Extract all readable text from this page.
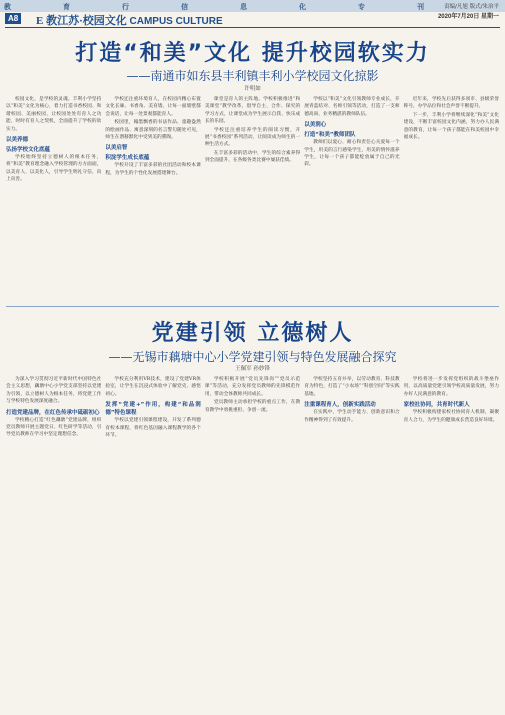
教	育	行	信	息	化	专	刊
A8 E 教江苏·校园文化 CAMPUS CULTURE
责编/凡旭 版式/朱治平
2020年7月20日 星期一
打造“和美”文化 提升校园软实力
——南通市如东县丰利镇丰利小学校园文化掠影
许明如

校园文化，是学校的灵魂。丰利小学坚持以“和美”文化为核心，着力打造书香校园、和谐校园、美丽校园，让校园处处有育人之功能、时时有育人之契机，全面提升了学校的软实力。

以美养德
弘扬学校文化底蕴

学校始终坚持立德树人的根本任务，将“和美”教育理念融入学校管理的方方面面，以美育人、以美化人，引导学生明礼守信、向上向善。

学校还注重环境育人，在校园内精心布置文化长廊、书香角、美育墙，让每一面墙壁都会说话，让每一处景观都能育人。

校园里，翰墨飘香的书法作品、童趣盎然的绘画作品、寓意深刻的名言警句随处可见，师生在潜移默化中受到美的熏陶。

以美启智
积淀学生成长底蕴

学校开设了丰富多彩的社团活动和校本课程，为学生的个性化发展搭建舞台。

课堂是育人的主阵地。学校积极推进“和美课堂”教学改革，倡导自主、合作、探究的学习方式，让课堂成为学生展示自我、快乐成长的乐园。

学校还注重培养学生的阅读习惯，开展“书香校园”系列活动，让阅读成为师生的一种生活方式。

在丰富多彩的活动中，学生的综合素养得到全面提升，在各级各类比赛中屡获佳绩。

学校以“和美”文化引领教师专业成长，开展青蓝结对、名师引领等活动，打造了一支师德高尚、业务精湛的教师队伍。

以美润心
打造“和美”教师团队

教师们以爱心、耐心和责任心关爱每一个学生，用美的言行感染学生，用美的情怀滋养学生，让每一个孩子都能绽放属于自己的光彩。

近年来，学校先后获得多项市、县级荣誉称号，办学品位和社会声誉不断提升。

下一步，丰利小学将继续深化“和美”文化建设，不断丰富校园文化内涵，努力办人民满意的教育，让每一个孩子都能在和美校园中幸福成长。

党建引领 立德树人
——无锡市藕塘中心小学党建引领与特色发展融合探究
王佩军 孙妙锋

为深入学习贯彻习近平新时代中国特色社会主义思想，藕塘中心小学党支部坚持以党建为引领，以立德树人为根本任务，将党建工作与学校特色发展深度融合。

打造党建品牌，在红色传承中砥砺初心

学校精心打造“红色藕塘”党建品牌，组织党员教师开展主题党日、红色研学等活动，引导党员教师在学习中坚定理想信念。

学校充分利用VR技术，建设了党建VR体验室，让学生在沉浸式体验中了解党史、感悟初心。

发挥“党建+”作用，构建“和品润德”特色课程

学校以党建引领课程建设，开发了系列德育校本课程，将红色基因融入课程教学的各个环节。

学校积极开展“党员先锋岗”“党员示范课”等活动，充分发挥党员教师的先锋模范作用，带动全体教师共同成长。

党员教师主动承担学校的重点工作，在教育教学中勇挑重担、争创一流。

学校坚持五育并举，以劳动教育、科技教育为特色，打造了“小农场”“科创空间”等实践基地。

注重课程育人，创新实践活动

在实践中，学生动手能力、创新意识和合作精神得到了有效提升。

学校将进一步发挥党组织的战斗堡垒作用，以高质量党建引领学校高质量发展，努力办好人民满意的教育。

家校社协同，共育时代新人

学校积极构建家校社协同育人机制，凝聚育人合力，为学生的健康成长营造良好环境。
